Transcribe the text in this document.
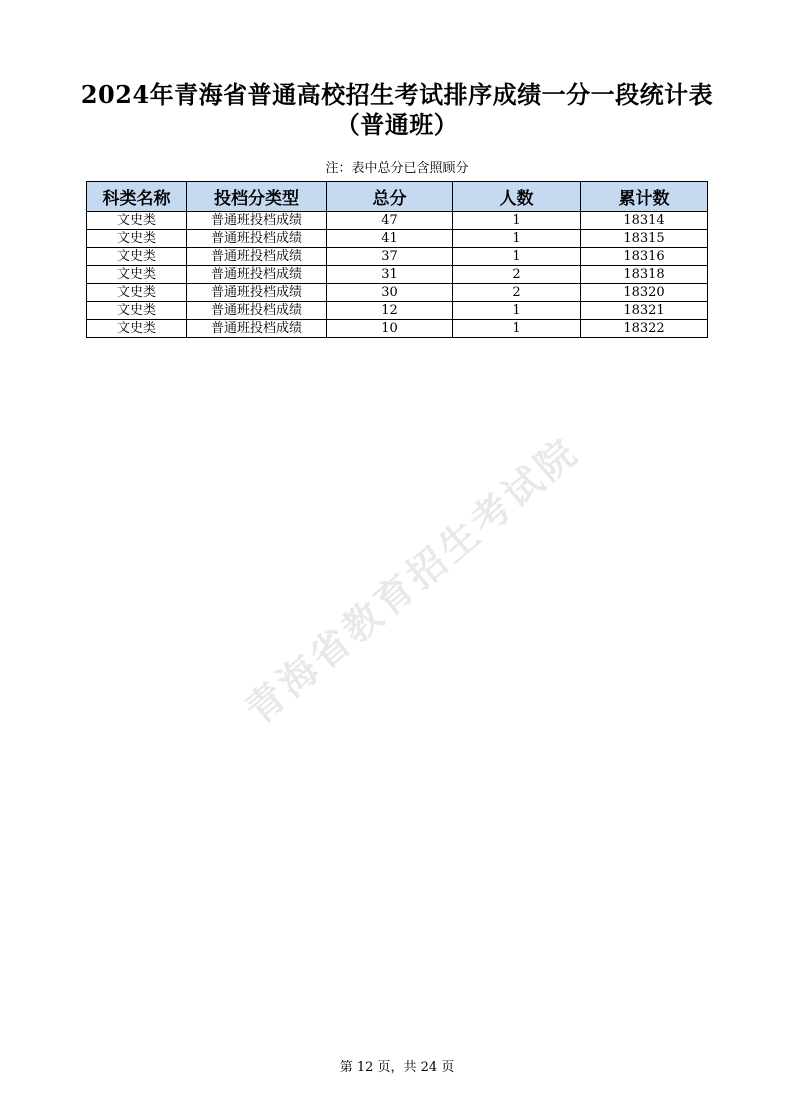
2024年青海省普通高校招生考试排序成绩一分一段统计表
（普通班）
注：表中总分已含照顾分
科类名称	投档分类型	总分	人数	累计数
文史类	普通班投档成绩	47	1	18314
文史类	普通班投档成绩	41	1	18315
文史类	普通班投档成绩	37	1	18316
文史类	普通班投档成绩	31	2	18318
文史类	普通班投档成绩	30	2	18320
文史类	普通班投档成绩	12	1	18321
文史类	普通班投档成绩	10	1	18322
青海省教育招生考试院
第 12 页，共 24 页
